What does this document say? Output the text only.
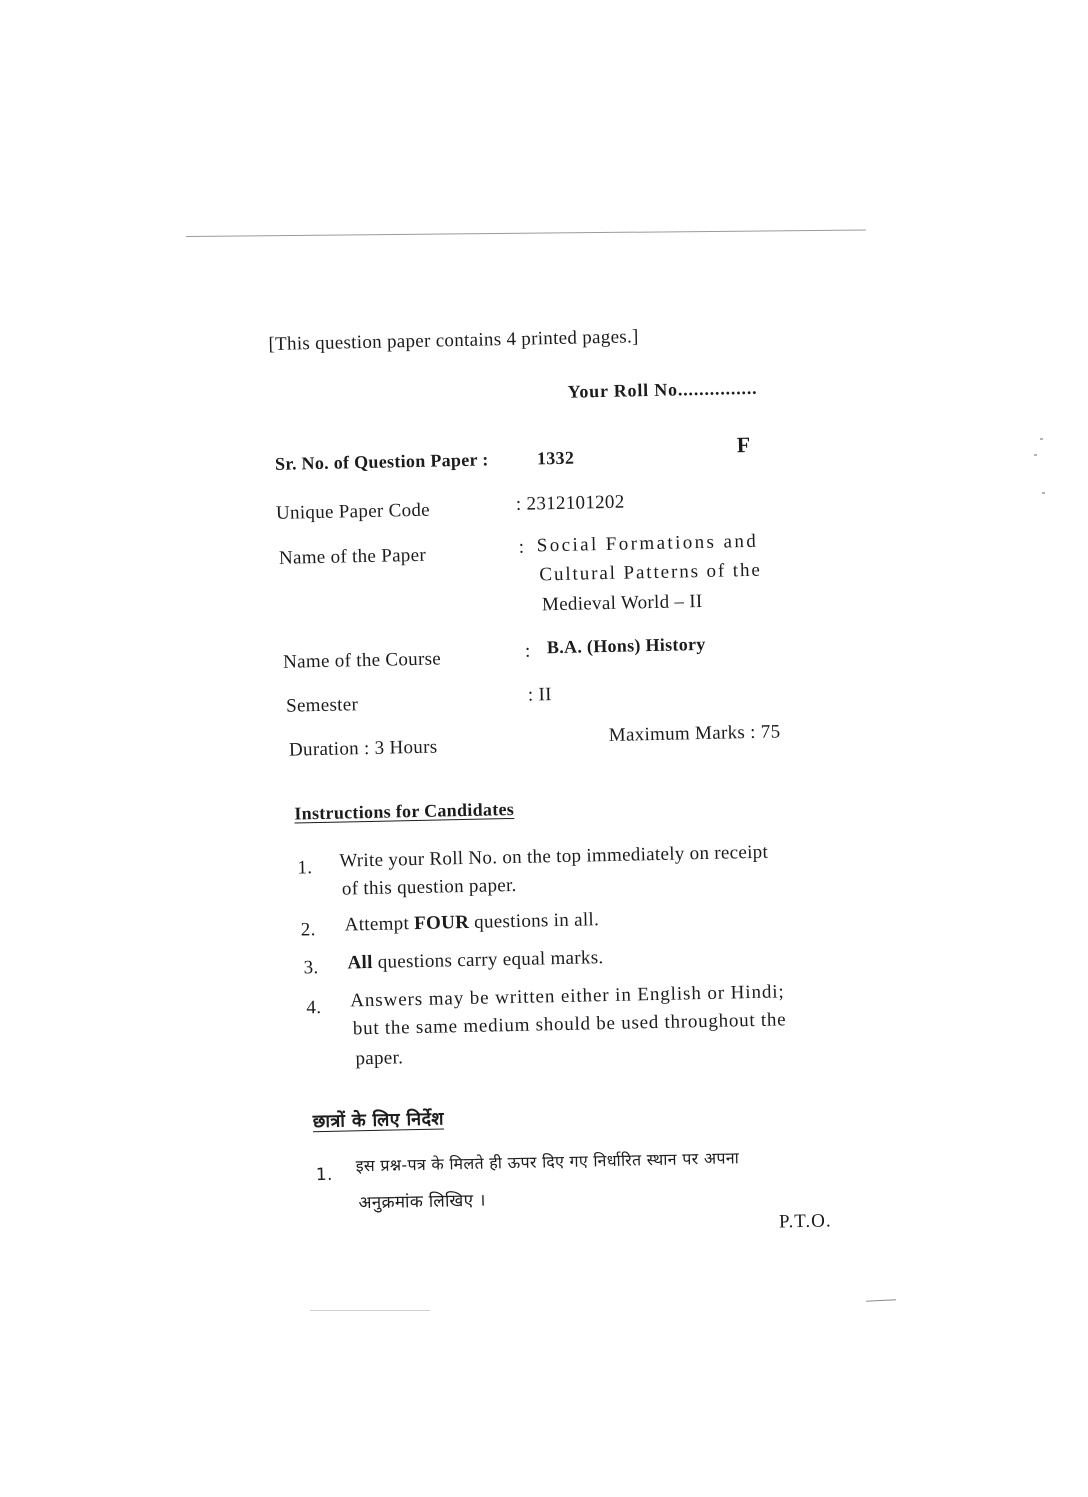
[This question paper contains 4 printed pages.]
Your Roll No...............
Sr. No. of Question Paper :	1332
F
Unique Paper Code	: 2312101202
Name of the Paper	: Social Formations and
Cultural Patterns of the
Medieval World – II
Name of the Course	: B.A. (Hons) History
Semester	: II
Duration : 3 Hours
Maximum Marks : 75
Instructions for Candidates
1. Write your Roll No. on the top immediately on receipt
of this question paper.
2. Attempt FOUR questions in all.
3. All questions carry equal marks.
4. Answers may be written either in English or Hindi;
but the same medium should be used throughout the
paper.
छात्रों के लिए निर्देश
1. इस प्रश्न-पत्र के मिलते ही ऊपर दिए गए निर्धारित स्थान पर अपना
अनुक्रमांक लिखिए ।
P.T.O.
